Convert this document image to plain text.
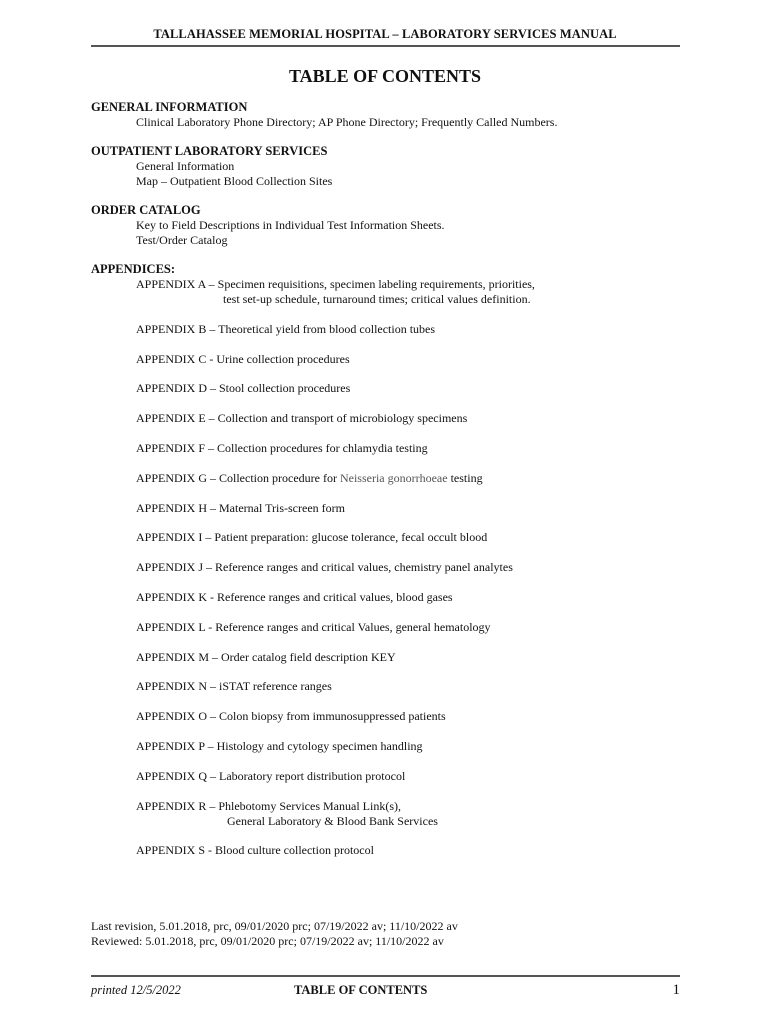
TALLAHASSEE MEMORIAL HOSPITAL – LABORATORY SERVICES MANUAL
TABLE OF CONTENTS
GENERAL INFORMATION
Clinical Laboratory Phone Directory; AP Phone Directory; Frequently Called Numbers.
OUTPATIENT LABORATORY SERVICES
General Information
Map – Outpatient Blood Collection Sites
ORDER CATALOG
Key to Field Descriptions in Individual Test Information Sheets.
Test/Order Catalog
APPENDICES:
APPENDIX A – Specimen requisitions, specimen labeling requirements, priorities,
test set-up schedule, turnaround times; critical values definition.
APPENDIX B – Theoretical yield from blood collection tubes
APPENDIX C - Urine collection procedures
APPENDIX D – Stool collection procedures
APPENDIX E – Collection and transport of microbiology specimens
APPENDIX F – Collection procedures for chlamydia testing
APPENDIX G – Collection procedure for Neisseria gonorrhoeae testing
APPENDIX H – Maternal Tris-screen form
APPENDIX I – Patient preparation: glucose tolerance, fecal occult blood
APPENDIX J – Reference ranges and critical values, chemistry panel analytes
APPENDIX K - Reference ranges and critical values, blood gases
APPENDIX L - Reference ranges and critical Values, general hematology
APPENDIX M – Order catalog field description KEY
APPENDIX N – iSTAT reference ranges
APPENDIX O – Colon biopsy from immunosuppressed patients
APPENDIX P – Histology and cytology specimen handling
APPENDIX Q – Laboratory report distribution protocol
APPENDIX R – Phlebotomy Services Manual Link(s),
General Laboratory & Blood Bank Services
APPENDIX S - Blood culture collection protocol
Last revision, 5.01.2018, prc, 09/01/2020 prc; 07/19/2022 av; 11/10/2022 av
Reviewed: 5.01.2018, prc, 09/01/2020 prc; 07/19/2022 av; 11/10/2022 av
printed 12/5/2022	TABLE OF CONTENTS	1
